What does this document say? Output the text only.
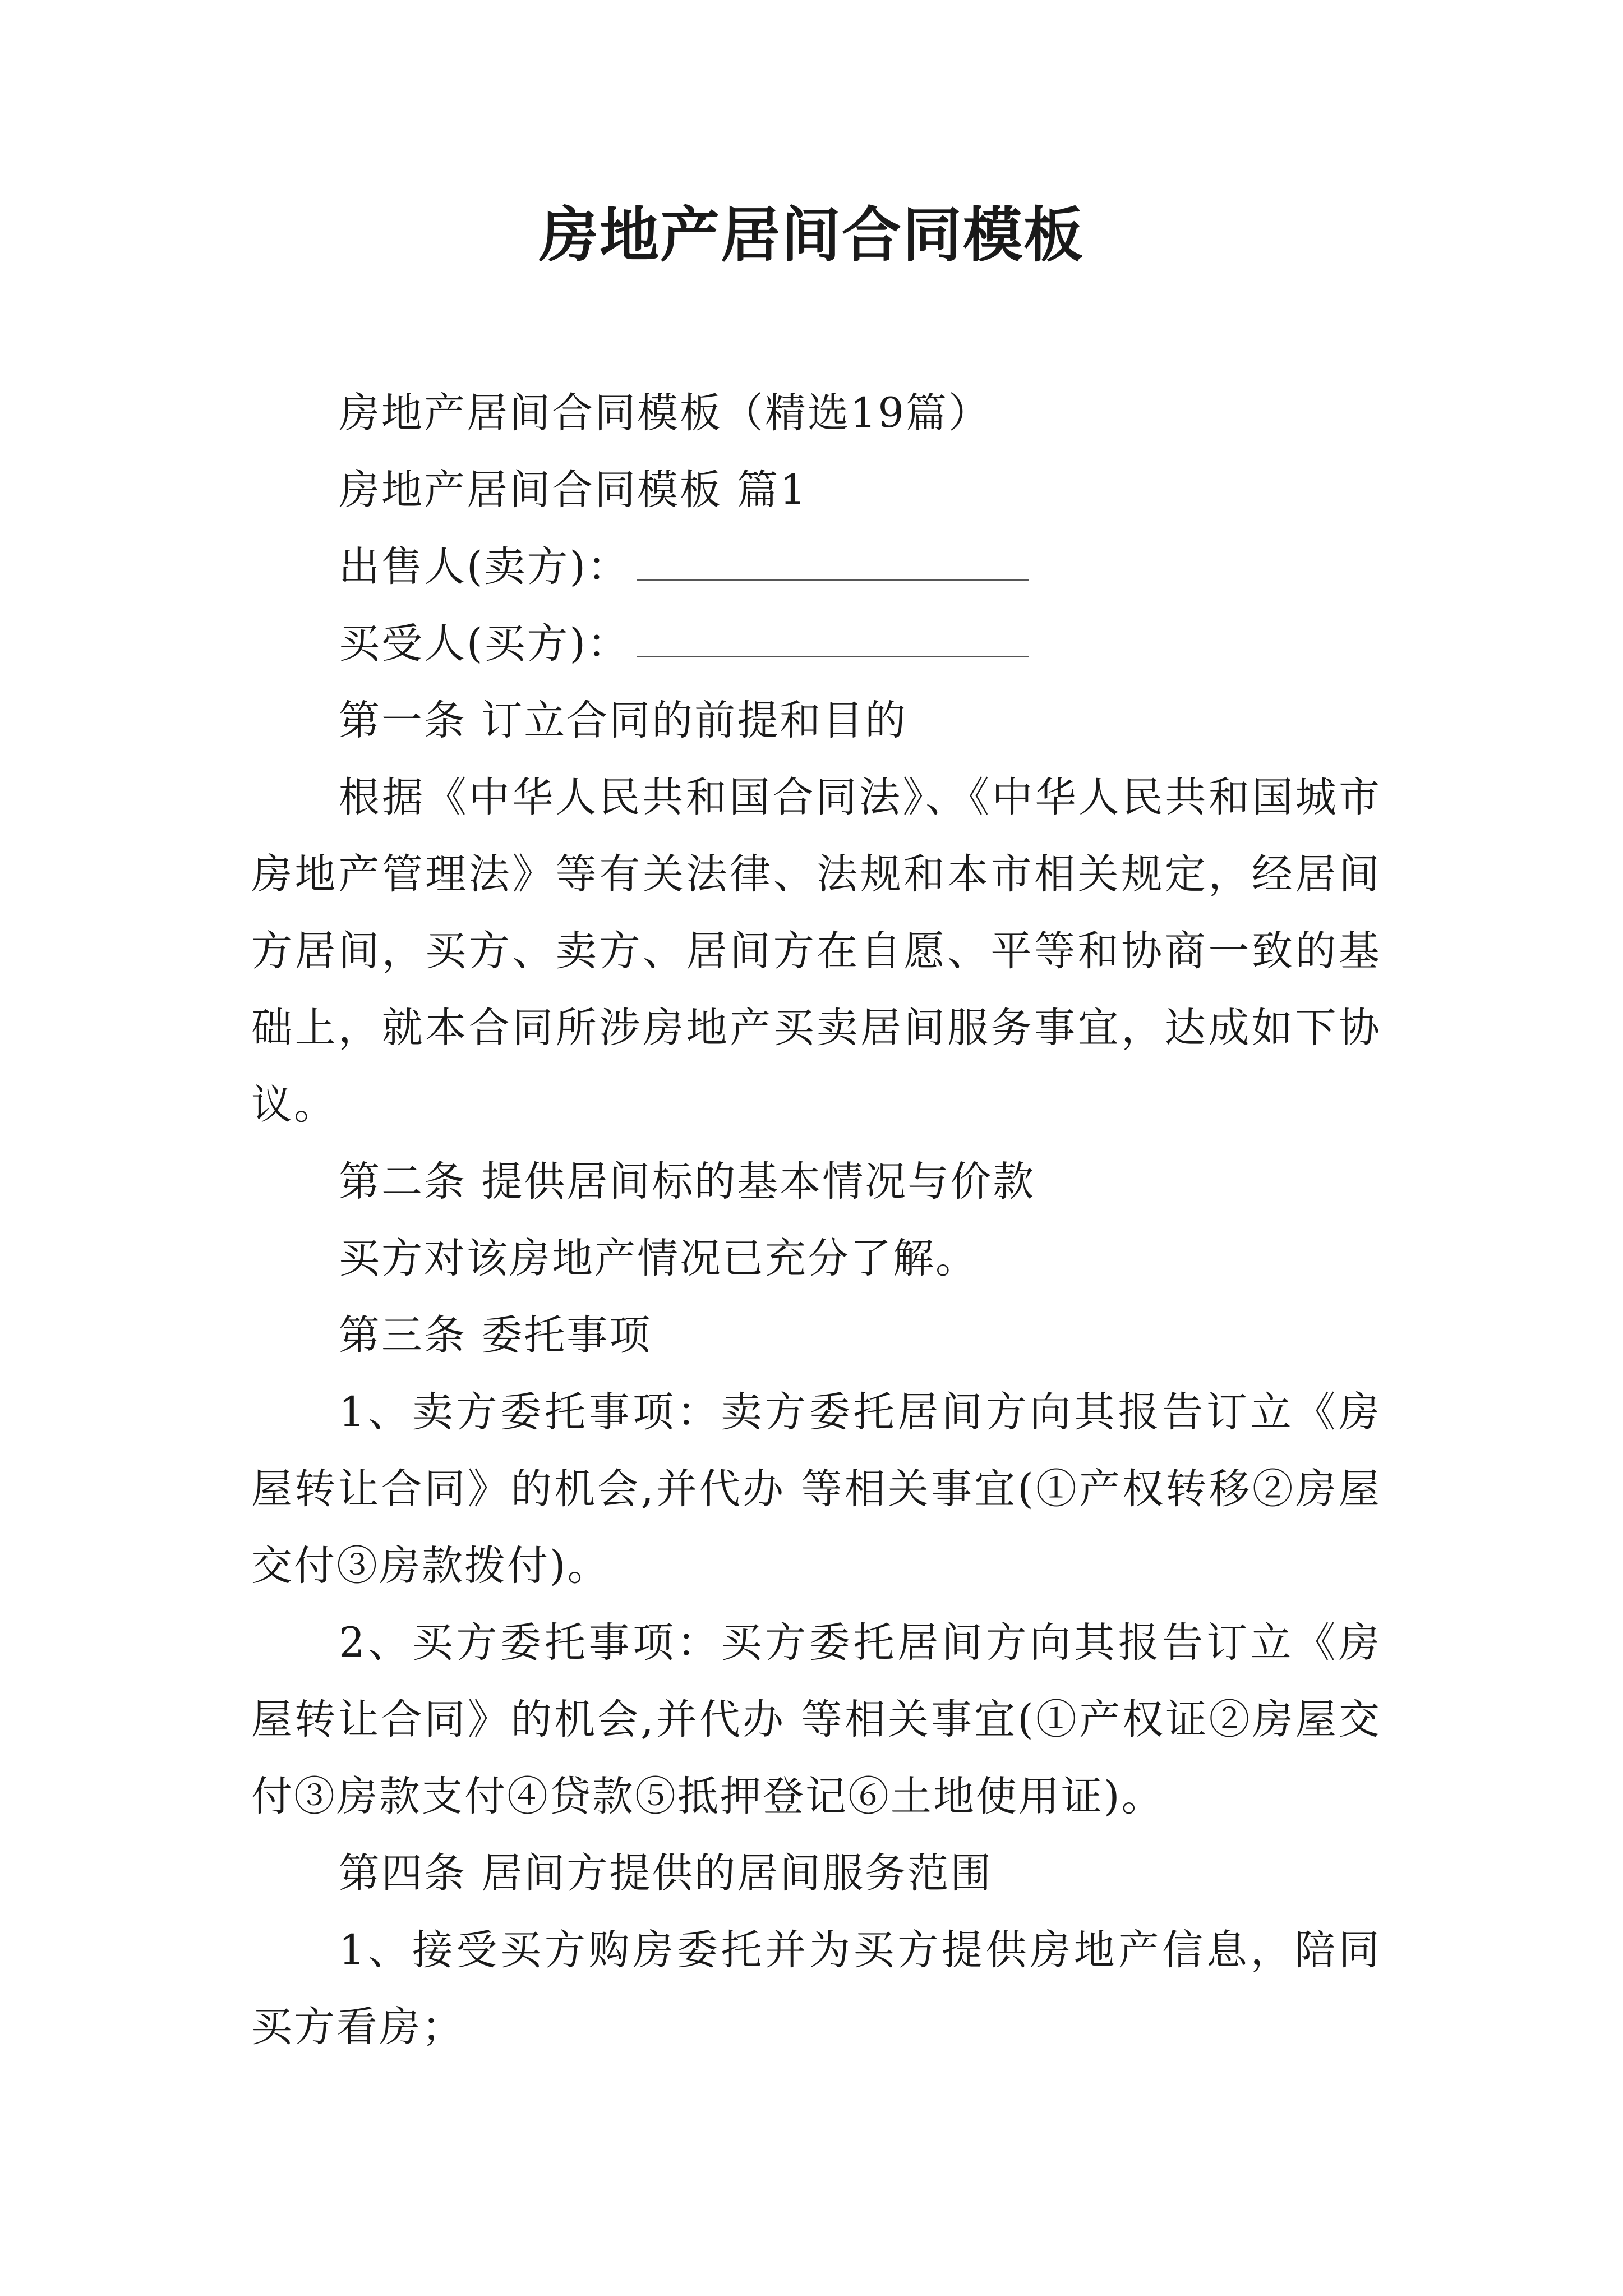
房地产居间合同模板

房地产居间合同模板（精选19篇）

房地产居间合同模板 篇1

出售人(卖方)：

买受人(买方)：

第一条 订立合同的前提和目的

根据《中华人民共和国合同法》、《中华人民共和国城市房地产管理法》等有关法律、法规和本市相关规定，经居间方居间，买方、卖方、居间方在自愿、平等和协商一致的基础上，就本合同所涉房地产买卖居间服务事宜，达成如下协议。

第二条 提供居间标的基本情况与价款

买方对该房地产情况已充分了解。

第三条 委托事项

1、卖方委托事项：卖方委托居间方向其报告订立《房屋转让合同》的机会,并代办 等相关事宜(①产权转移②房屋交付③房款拨付)。

2、买方委托事项：买方委托居间方向其报告订立《房屋转让合同》的机会,并代办 等相关事宜(①产权证②房屋交付③房款支付④贷款⑤抵押登记⑥土地使用证)。

第四条 居间方提供的居间服务范围

1、接受买方购房委托并为买方提供房地产信息，陪同买方看房；
